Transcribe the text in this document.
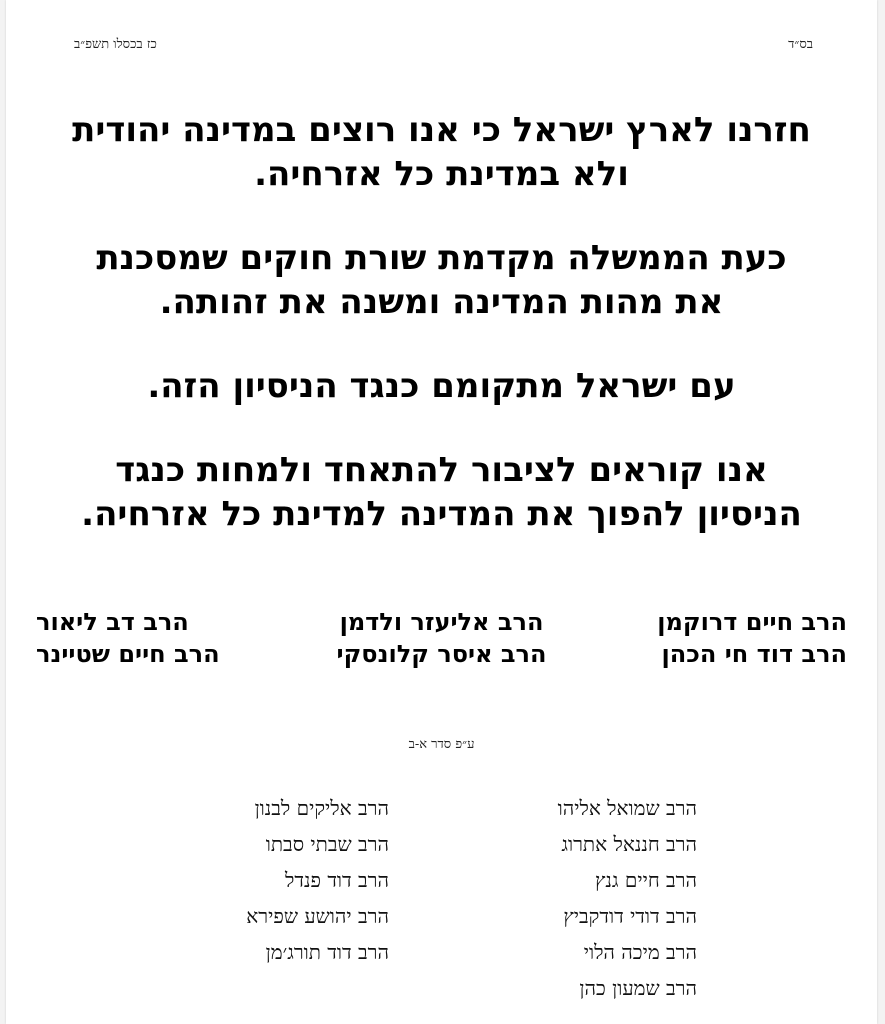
בס״ד
כז בכסלו תשפ״ב

חזרנו לארץ ישראל כי אנו רוצים במדינה יהודית
ולא במדינת כל אזרחיה.

כעת הממשלה מקדמת שורת חוקים שמסכנת
את מהות המדינה ומשנה את זהותה.

עם ישראל מתקומם כנגד הניסיון הזה.

אנו קוראים לציבור להתאחד ולמחות כנגד
הניסיון להפוך את המדינה למדינת כל אזרחיה.

הרב חיים דרוקמן
הרב דוד חי הכהן
הרב אליעזר ולדמן
הרב איסר קלונסקי
הרב דב ליאור
הרב חיים שטיינר
ע״פ סדר א-ב
הרב שמואל אליהו
הרב חננאל אתרוג
הרב חיים גנץ
הרב דודי דודקביץ
הרב מיכה הלוי
הרב שמעון כהן
הרב אליקים לבנון
הרב שבתי סבתו
הרב דוד פנדל
הרב יהושע שפירא
הרב דוד תורג׳מן
